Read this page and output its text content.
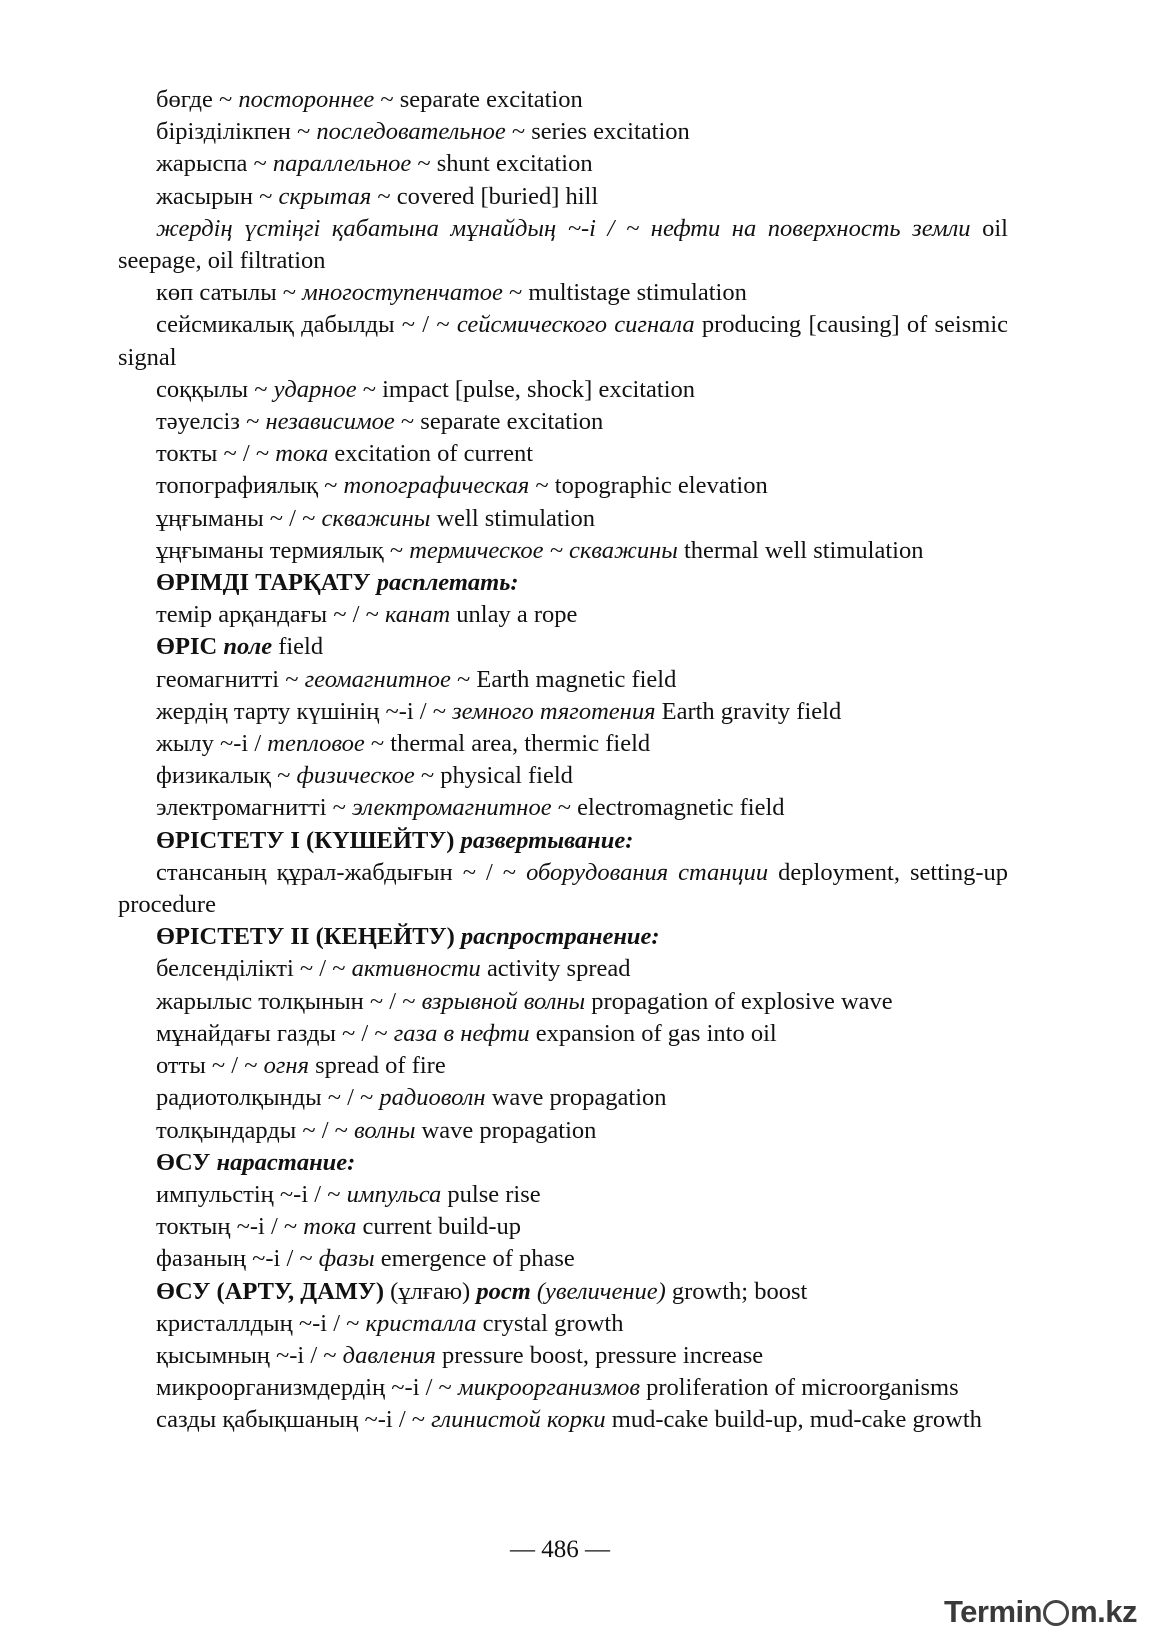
бөгде ~ постороннее ~ separate excitation

бірізділікпен ~ последовательное ~ series excitation

жарыспа ~ параллельное ~ shunt excitation

жасырын ~ скрытая ~ covered [buried] hill

жердің үстіңгі қабатына мұнайдың ~-і / ~ нефти на поверхность земли oil seepage, oil filtration

көп сатылы ~ многоступенчатое ~ multistage stimulation

сейсмикалық дабылды ~ / ~ сейсмического сигнала producing [causing] of seismic signal

соққылы ~ ударное ~ impact [pulse, shock] excitation

тәуелсіз ~ независимое ~ separate excitation

токты ~ / ~ тока excitation of current

топографиялық ~ топографическая ~ topographic elevation

ұңғыманы ~ / ~ скважины well stimulation

ұңғыманы термиялық ~ термическое ~ скважины thermal well stimulation

ӨРІМДІ ТАРҚАТУ расплетать:

темір арқандағы ~ / ~ канат unlay a rope

ӨРІС поле field

геомагнитті ~ геомагнитное ~ Earth magnetic field

жердің тарту күшінің ~-і / ~ земного тяготения Earth gravity field

жылу ~-і / тепловое ~ thermal area, thermic field

физикалық ~ физическое ~ physical field

электромагнитті ~ электромагнитное ~ electromagnetic field

ӨРІСТЕТУ І (КҮШЕЙТУ) развертывание:

стансаның құрал-жабдығын ~ / ~ оборудования станции deployment, setting-up procedure

ӨРІСТЕТУ ІІ (КЕҢЕЙТУ) распространение:

белсенділікті ~ / ~ активности activity spread

жарылыс толқынын ~ / ~ взрывной волны propagation of explosive wave

мұнайдағы газды ~ / ~ газа в нефти expansion of gas into oil

отты ~ / ~ огня spread of fire

радиотолқынды ~ / ~ радиоволн wave propagation

толқындарды ~ / ~ волны wave propagation

ӨСУ нарастание:

импульстің ~-і / ~ импульса pulse rise

токтың ~-і / ~ тока current build-up

фазаның ~-і / ~ фазы emergence of phase

ӨСУ (АРТУ, ДАМУ) (ұлғаю) рост (увеличение) growth; boost

кристаллдың ~-і / ~ кристалла crystal growth

қысымның ~-і / ~ давления pressure boost, pressure increase

микроорганизмдердің ~-і / ~ микроорганизмов proliferation of microorganisms

сазды қабықшаның ~-і / ~ глинистой корки mud-cake build-up, mud-cake growth

— 486 —
Termin m.kz
